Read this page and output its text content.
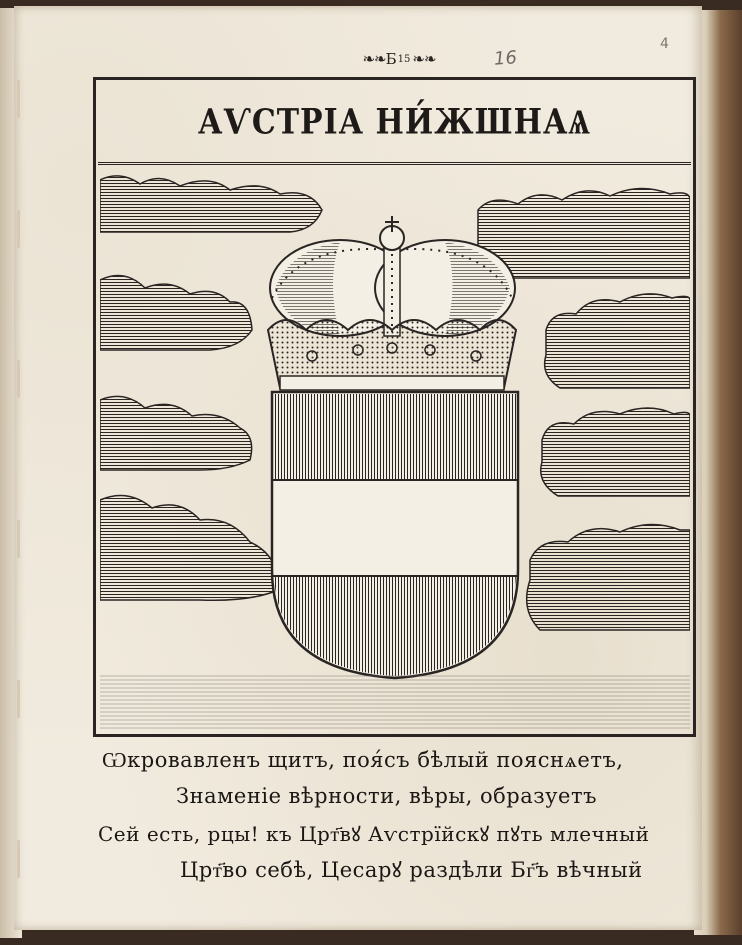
❧❧Б 15 ❧❧	16
4
АѴСТРІА НИ́ЖШНАѦ
Ѡкровавленъ щитъ, поя́съ бѣлый пояснѧетъ,
Знаменіе вѣрности, вѣры, образуетъ
Сей есть, рцы! къ Црт҃вꙋ Аѵстрїйскꙋ пꙋть млечный
Црт҃во себѣ, Цесарꙋ раздѣли Бг҃ъ вѣчный
